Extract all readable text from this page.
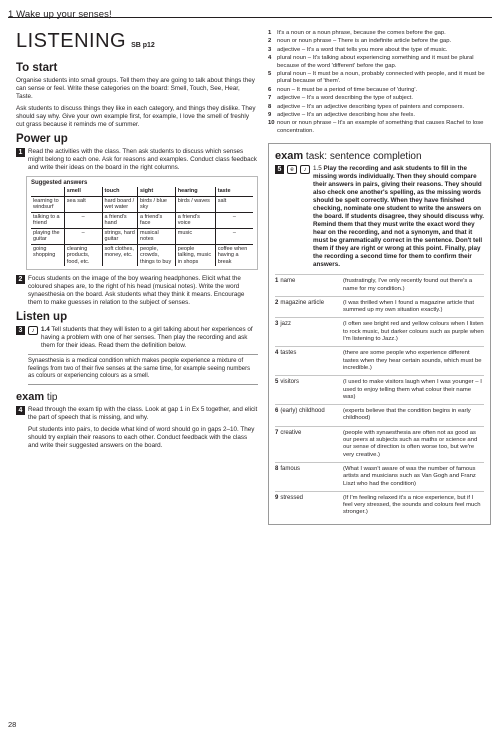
1 Wake up your senses!
LISTENING SB p12
To start

Organise students into small groups. Tell them they are going to talk about things they can sense or feel. Write these categories on the board: Smell, Touch, See, Hear, Taste.

Ask students to discuss things they like in each category, and things they dislike. They should say why. Give your own example first, for example, I love the smell of freshly cut grass because it reminds me of summer.

Power up
1 Read the activities with the class. Then ask students to discuss which senses might belong to each one. Ask for reasons and examples. Conduct class feedback and write their ideas on the board in the right columns.

Suggested answers
	smell	touch	sight	hearing	taste
learning to windsurf	sea salt	hard board / wet water	birds / blue sky	birds / waves	salt
talking to a friend	–	a friend's hand	a friend's face	a friend's voice	–
playing the guitar	–	strings, hard guitar	musical notes	music	–
going shopping	cleaning products, food, etc.	soft clothes, money, etc.	people, crowds, things to buy	people talking, music in shops	coffee when having a break
2 Focus students on the image of the boy wearing headphones. Elicit what the coloured shapes are, to the right of his head (musical notes). Write the word synaesthesia on the board. Ask students what they think it means. Encourage them to make guesses in relation to the subject of senses.

Listen up
3	♪	1.4 Tell students that they will listen to a girl talking about her experiences of having a problem with one of her senses. Then play the recording and ask them for their ideas. Read them the definition below.

Synaesthesia is a medical condition which makes people experience a mixture of feelings from two of their five senses at the same time, for example seeing numbers as colours or experiencing colours as a smell.

exam tip
4 Read through the exam tip with the class. Look at gap 1 in Ex 5 together, and elicit the part of speech that is missing, and why.

Put students into pairs, to decide what kind of word should go in gaps 2–10. They should try explain their reasons to each other. Conduct feedback with the class and write their suggested answers on the board.

1 It's a noun or a noun phrase, because the comes before the gap.
2 noun or noun phrase – There is an indefinite article before the gap.
3 adjective – It's a word that tells you more about the type of music.
4 plural noun – It's talking about experiencing something and it must be plural because of the word 'different' before the gap.
5 plural noun – It must be a noun, probably connected with people, and it must be plural because of 'them'.
6 noun – It must be a period of time because of 'during'.
7 adjective – It's a word describing the type of subject.
8 adjective – It's an adjective describing types of painters and composers.
9 adjective – It's an adjective describing how she feels.
10 noun or noun phrase – It's an example of something that causes Rachel to lose concentration.
exam task: sentence completion
5	e	♪	1.5 Play the recording and ask students to fill in the missing words individually. Then they should compare their answers in pairs, giving their reasons. They should also check one another's spelling, as the missing words should be spelt correctly. When they have finished checking, nominate one student to write the answers on the board. If students disagree, they should discuss why. Remind them that they must write the exact word they hear on the recording, and not a synonym, and that it must be grammatically correct in the sentence. Don't tell them if they are right or wrong at this point. Finally, play the recording a second time for them to confirm their answers.

1 name	(frustratingly, I've only recently found out there's a name for my condition.)
2 magazine article	(I was thrilled when I found a magazine article that summed up my own situation exactly.)
3 jazz	(I often see bright red and yellow colours when I listen to rock music, but darker colours such as purple when I'm listening to Jazz.)
4 tastes	(there are some people who experience different tastes when they hear certain sounds, which must be incredible.)
5 visitors	(I used to make visitors laugh when I was younger – I used to enjoy telling them what colour their name was)
6 (early) childhood	(experts believe that the condition begins in early childhood)
7 creative	(people with synaesthesia are often not as good as our peers at subjects such as maths or science and our sense of direction is often worse too, but we're very creative.)
8 famous	(What I wasn't aware of was the number of famous artists and musicians such as Van Gogh and Franz Liszt who had the condition)
9 stressed	(If I'm feeling relaxed it's a nice experience, but if I feel very stressed, the sounds and colours feel much stronger.)
28
